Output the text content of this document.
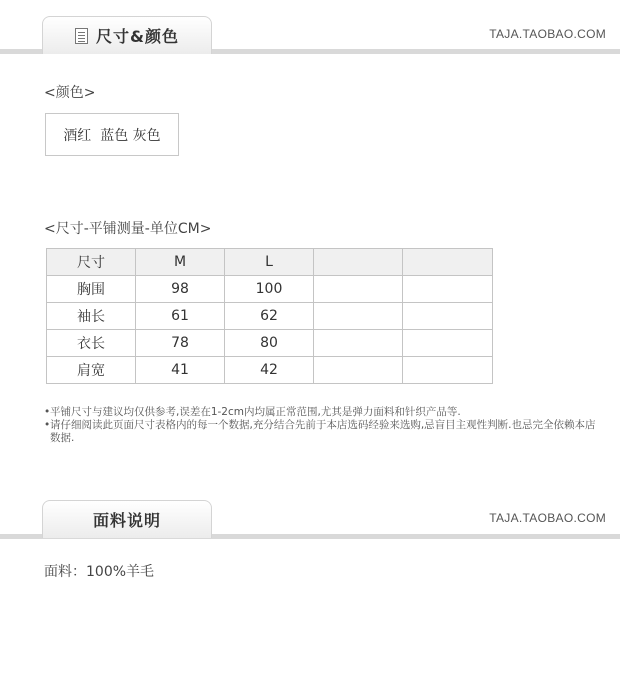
尺寸&颜色	TAJA.TAOBAO.COM
<颜色>
酒红  蓝色 灰色
<尺寸-平铺测量-单位CM>
尺寸	M	L		
胸围	98	100		
袖长	61	62		
衣长	78	80		
肩宽	41	42		
• 平铺尺寸与建议均仅供参考,误差在1-2cm内均属正常范围,尤其是弹力面料和针织产品等.
• 请仔细阅读此页面尺寸表格内的每一个数据,充分结合先前于本店选码经验来选购,忌盲目主观性判断.也忌完全依赖本店数据.
面料说明	TAJA.TAOBAO.COM
面料：100%羊毛
